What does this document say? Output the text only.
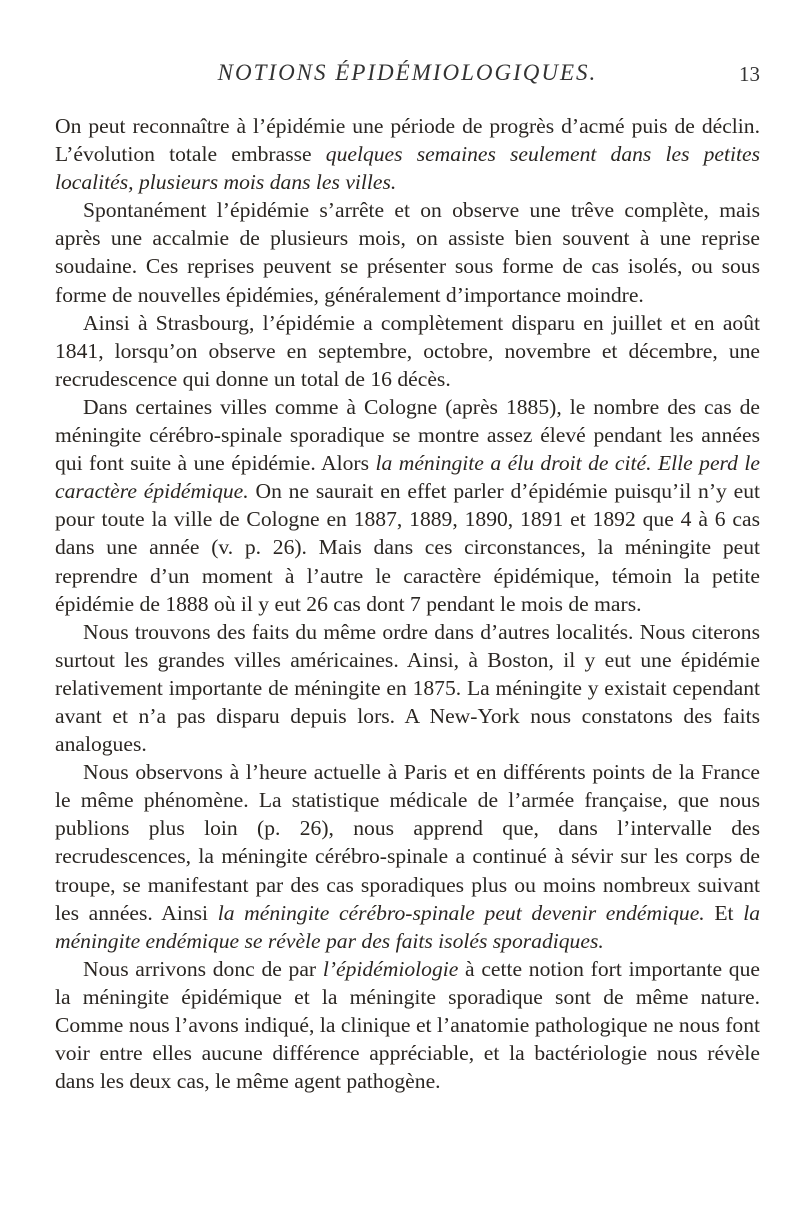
NOTIONS ÉPIDÉMIOLOGIQUES.	13

On peut reconnaître à l’épidémie une période de progrès d’acmé puis de déclin. L’évolution totale embrasse quelques semaines seulement dans les petites localités, plusieurs mois dans les villes.

Spontanément l’épidémie s’arrête et on observe une trêve complète, mais après une accalmie de plusieurs mois, on assiste bien souvent à une reprise soudaine. Ces reprises peuvent se présenter sous forme de cas isolés, ou sous forme de nouvelles épidémies, généralement d’importance moindre.

Ainsi à Strasbourg, l’épidémie a complètement disparu en juillet et en août 1841, lorsqu’on observe en septembre, octobre, novembre et décembre, une recrudescence qui donne un total de 16 décès.

Dans certaines villes comme à Cologne (après 1885), le nombre des cas de méningite cérébro-spinale sporadique se montre assez élevé pendant les années qui font suite à une épidémie. Alors la méningite a élu droit de cité. Elle perd le caractère épidémique. On ne saurait en effet parler d’épidémie puisqu’il n’y eut pour toute la ville de Cologne en 1887, 1889, 1890, 1891 et 1892 que 4 à 6 cas dans une année (v. p. 26). Mais dans ces circonstances, la méningite peut reprendre d’un moment à l’autre le caractère épidémique, témoin la petite épidémie de 1888 où il y eut 26 cas dont 7 pendant le mois de mars.

Nous trouvons des faits du même ordre dans d’autres localités. Nous citerons surtout les grandes villes américaines. Ainsi, à Boston, il y eut une épidémie relativement importante de méningite en 1875. La méningite y existait cependant avant et n’a pas disparu depuis lors. A New-York nous constatons des faits analogues.

Nous observons à l’heure actuelle à Paris et en différents points de la France le même phénomène. La statistique médicale de l’armée française, que nous publions plus loin (p. 26), nous apprend que, dans l’intervalle des recrudescences, la méningite cérébro-spinale a continué à sévir sur les corps de troupe, se manifestant par des cas sporadiques plus ou moins nombreux suivant les années. Ainsi la méningite cérébro-spinale peut devenir endémique. Et la méningite endémique se révèle par des faits isolés sporadiques.

Nous arrivons donc de par l’épidémiologie à cette notion fort importante que la méningite épidémique et la méningite sporadique sont de même nature. Comme nous l’avons indiqué, la clinique et l’anatomie pathologique ne nous font voir entre elles aucune différence appréciable, et la bactériologie nous révèle dans les deux cas, le même agent pathogène.
